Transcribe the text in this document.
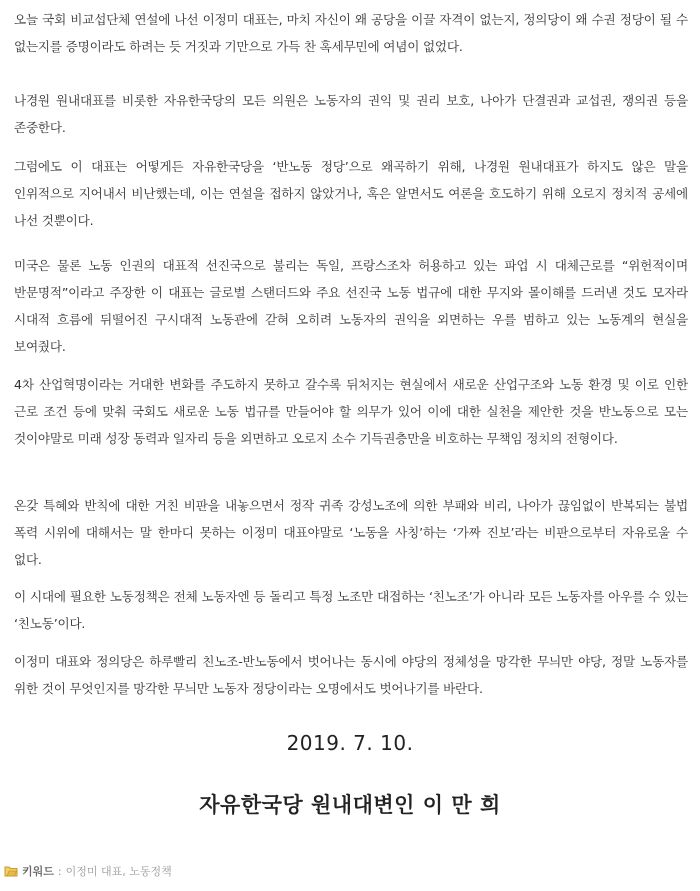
오늘 국회 비교섭단체 연설에 나선 이정미 대표는, 마치 자신이 왜 공당을 이끌 자격이 없는지, 정의당이 왜 수권 정당이 될 수 없는지를 증명이라도 하려는 듯 거짓과 기만으로 가득 찬 혹세무민에 여념이 없었다.

나경원 원내대표를 비롯한 자유한국당의 모든 의원은 노동자의 권익 및 권리 보호, 나아가 단결권과 교섭권, 쟁의권 등을 존중한다.

그럼에도 이 대표는 어떻게든 자유한국당을 ‘반노동 정당’으로 왜곡하기 위해, 나경원 원내대표가 하지도 않은 말을 인위적으로 지어내서 비난했는데, 이는 연설을 접하지 않았거나, 혹은 알면서도 여론을 호도하기 위해 오로지 정치적 공세에 나선 것뿐이다.

미국은 물론 노동 인권의 대표적 선진국으로 불리는 독일, 프랑스조차 허용하고 있는 파업 시 대체근로를 “위헌적이며 반문명적”이라고 주장한 이 대표는 글로벌 스탠더드와 주요 선진국 노동 법규에 대한 무지와 몰이해를 드러낸 것도 모자라 시대적 흐름에 뒤떨어진 구시대적 노동관에 갇혀 오히려 노동자의 권익을 외면하는 우를 범하고 있는 노동계의 현실을 보여줬다.

4차 산업혁명이라는 거대한 변화를 주도하지 못하고 갈수록 뒤처지는 현실에서 새로운 산업구조와 노동 환경 및 이로 인한 근로 조건 등에 맞춰 국회도 새로운 노동 법규를 만들어야 할 의무가 있어 이에 대한 실천을 제안한 것을 반노동으로 모는 것이야말로 미래 성장 동력과 일자리 등을 외면하고 오로지 소수 기득권층만을 비호하는 무책임 정치의 전형이다.

온갖 특혜와 반칙에 대한 거친 비판을 내놓으면서 정작 귀족 강성노조에 의한 부패와 비리, 나아가 끊임없이 반복되는 불법 폭력 시위에 대해서는 말 한마디 못하는 이정미 대표야말로 ‘노동을 사칭’하는 ‘가짜 진보’라는 비판으로부터 자유로울 수 없다.

이 시대에 필요한 노동정책은 전체 노동자엔 등 돌리고 특정 노조만 대접하는 ‘친노조’가 아니라 모든 노동자를 아우를 수 있는 ‘친노동’이다.

이정미 대표와 정의당은 하루빨리 친노조-반노동에서 벗어나는 동시에 야당의 정체성을 망각한 무늬만 야당, 정말 노동자를 위한 것이 무엇인지를 망각한 무늬만 노동자 정당이라는 오명에서도 벗어나기를 바란다.

2019. 7. 10.
자유한국당 원내대변인 이 만 희
키워드 : 이정미 대표 , 노동정책
